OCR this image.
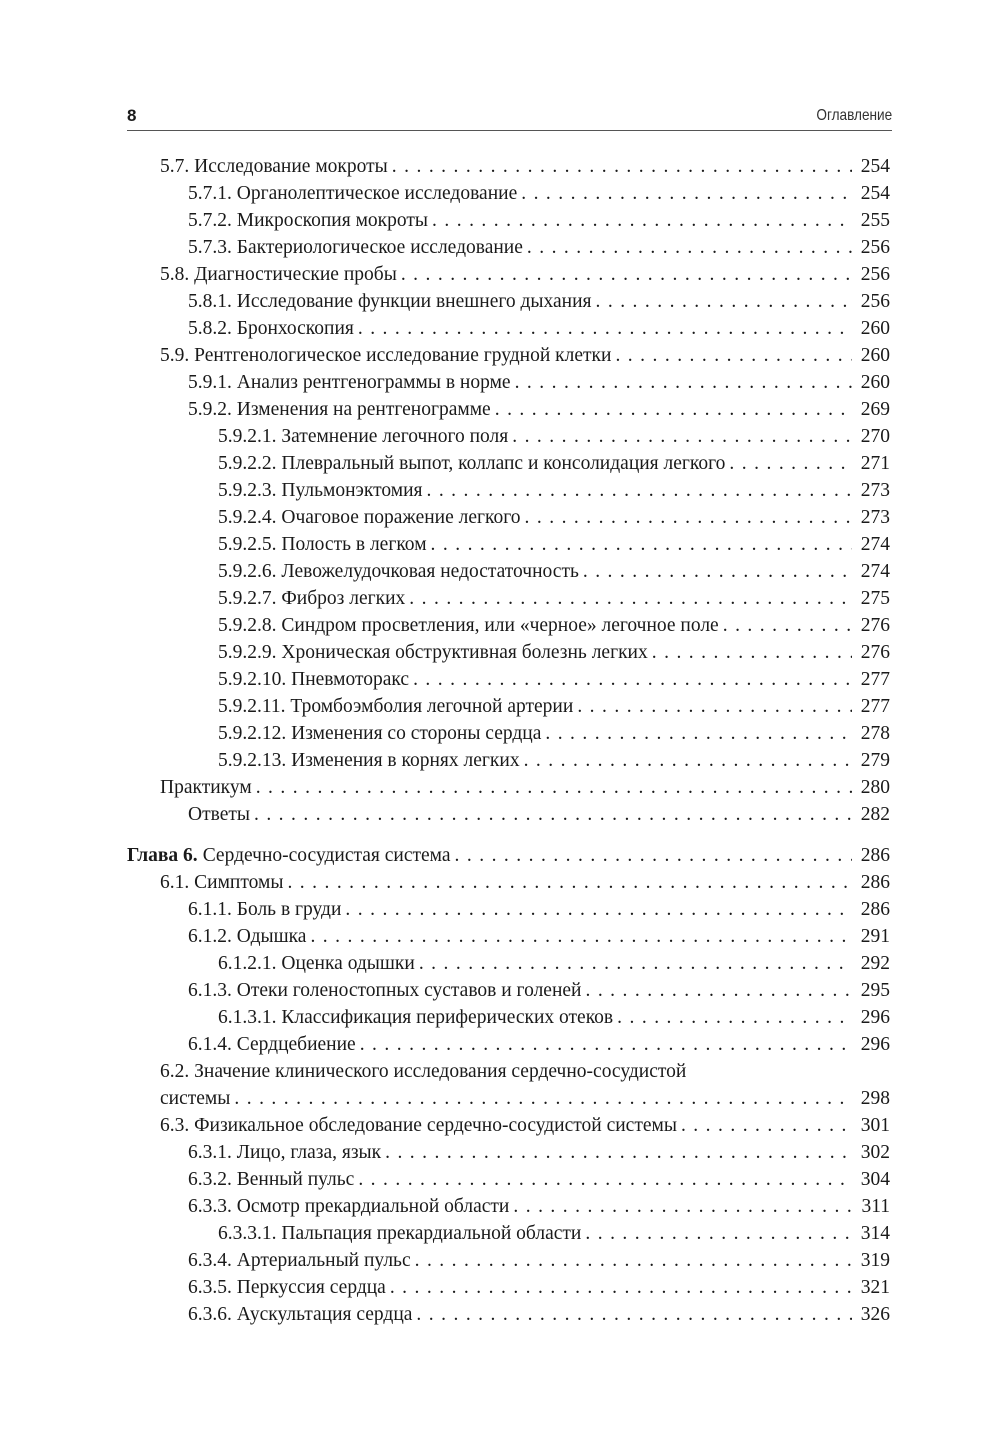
8	Оглавление
5.7. Исследование мокроты . . .	254
5.7.1. Органолептическое исследование . . .	254
5.7.2. Микроскопия мокроты . . .	255
5.7.3. Бактериологическое исследование . . .	256
5.8. Диагностические пробы . . .	256
5.8.1. Исследование функции внешнего дыхания . . .	256
5.8.2. Бронхоскопия . . .	260
5.9. Рентгенологическое исследование грудной клетки . . .	260
5.9.1. Анализ рентгенограммы в норме . . .	260
5.9.2. Изменения на рентгенограмме . . .	269
5.9.2.1. Затемнение легочного поля . . .	270
5.9.2.2. Плевральный выпот, коллапс и консолидация легкого . . .	271
5.9.2.3. Пульмонэктомия . . .	273
5.9.2.4. Очаговое поражение легкого . . .	273
5.9.2.5. Полость в легком . . .	274
5.9.2.6. Левожелудочковая недостаточность . . .	274
5.9.2.7. Фиброз легких . . .	275
5.9.2.8. Синдром просветления, или «черное» легочное поле . . .	276
5.9.2.9. Хроническая обструктивная болезнь легких . . .	276
5.9.2.10. Пневмоторакс . . .	277
5.9.2.11. Тромбоэмболия легочной артерии . . .	277
5.9.2.12. Изменения со стороны сердца . . .	278
5.9.2.13. Изменения в корнях легких . . .	279
Практикум . . .	280
Ответы . . .	282
Глава 6. Сердечно-сосудистая система . . .	286
6.1. Симптомы . . .	286
6.1.1. Боль в груди . . .	286
6.1.2. Одышка . . .	291
6.1.2.1. Оценка одышки . . .	292
6.1.3. Отеки голеностопных суставов и голеней . . .	295
6.1.3.1. Классификация периферических отеков . . .	296
6.1.4. Сердцебиение . . .	296
6.2. Значение клинического исследования сердечно-сосудистой
системы . . .	298
6.3. Физикальное обследование сердечно-сосудистой системы . . .	301
6.3.1. Лицо, глаза, язык . . .	302
6.3.2. Венный пульс . . .	304
6.3.3. Осмотр прекардиальной области . . .	311
6.3.3.1. Пальпация прекардиальной области . . .	314
6.3.4. Артериальный пульс . . .	319
6.3.5. Перкуссия сердца . . .	321
6.3.6. Аускультация сердца . . .	326
